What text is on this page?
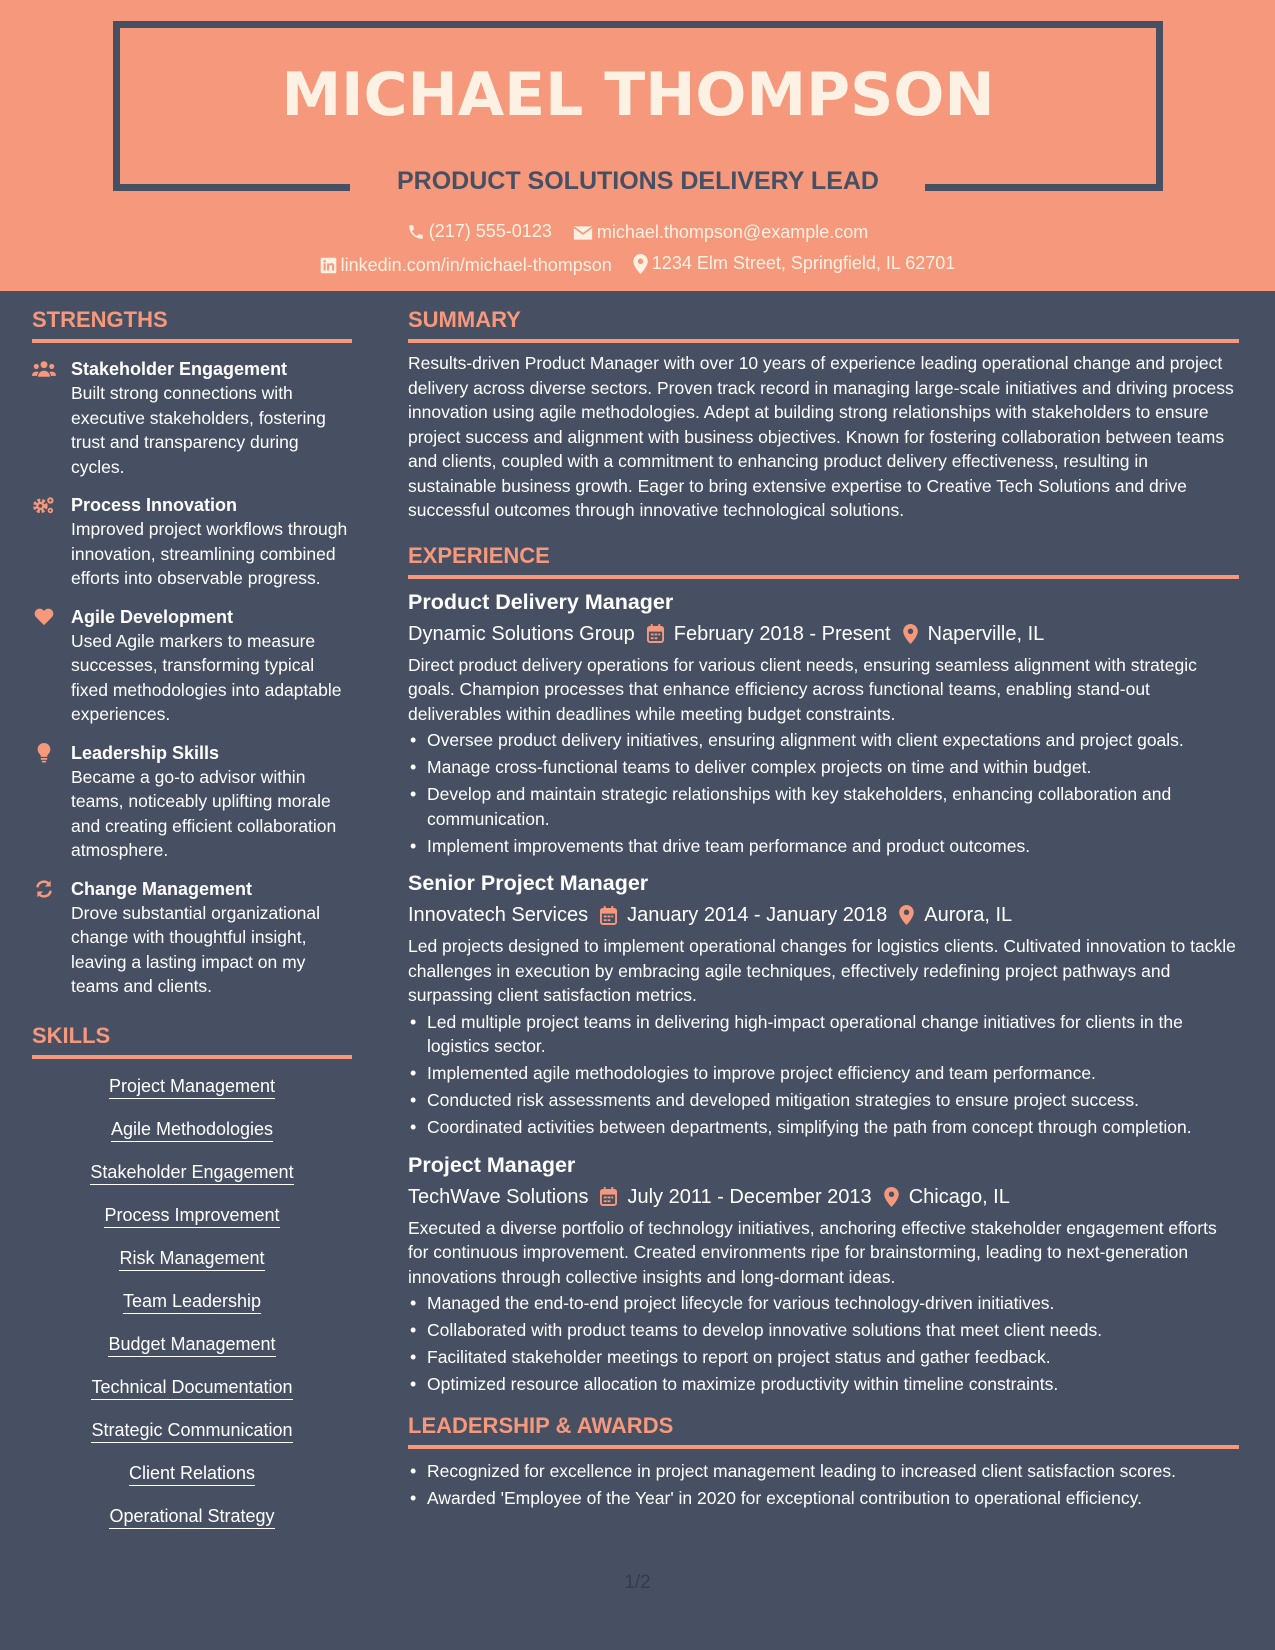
MICHAEL THOMPSON
PRODUCT SOLUTIONS DELIVERY LEAD
(217) 555-0123
	michael.thompson@example.com
linkedin.com/in/michael-thompson
1234 Elm Street, Springfield, IL 62701
STRENGTHS
Stakeholder Engagement
Built strong connections with executive stakeholders, fostering trust and transparency during cycles.
Process Innovation
Improved project workflows through innovation, streamlining combined efforts into observable progress.
Agile Development
Used Agile markers to measure successes, transforming typical fixed methodologies into adaptable experiences.
Leadership Skills
Became a go-to advisor within teams, noticeably uplifting morale and creating efficient collaboration atmosphere.
Change Management
Drove substantial organizational change with thoughtful insight, leaving a lasting impact on my teams and clients.
SKILLS
Project Management
Agile Methodologies
Stakeholder Engagement
Process Improvement
Risk Management
Team Leadership
Budget Management
Technical Documentation
Strategic Communication
Client Relations
Operational Strategy
SUMMARY
Results-driven Product Manager with over 10 years of experience leading operational change and project delivery across diverse sectors. Proven track record in managing large-scale initiatives and driving process innovation using agile methodologies. Adept at building strong relationships with stakeholders to ensure project success and alignment with business objectives. Known for fostering collaboration between teams and clients, coupled with a commitment to enhancing product delivery effectiveness, resulting in sustainable business growth. Eager to bring extensive expertise to Creative Tech Solutions and drive successful outcomes through innovative technological solutions.
EXPERIENCE
Product Delivery Manager
Dynamic Solutions Group February 2018 - Present Naperville, IL
Direct product delivery operations for various client needs, ensuring seamless alignment with strategic goals. Champion processes that enhance efficiency across functional teams, enabling stand-out deliverables within deadlines while meeting budget constraints.
• Oversee product delivery initiatives, ensuring alignment with client expectations and project goals.
• Manage cross-functional teams to deliver complex projects on time and within budget.
• Develop and maintain strategic relationships with key stakeholders, enhancing collaboration and communication.
• Implement improvements that drive team performance and product outcomes.
Senior Project Manager
Innovatech Services January 2014 - January 2018 Aurora, IL
Led projects designed to implement operational changes for logistics clients. Cultivated innovation to tackle challenges in execution by embracing agile techniques, effectively redefining project pathways and surpassing client satisfaction metrics.
• Led multiple project teams in delivering high-impact operational change initiatives for clients in the logistics sector.
• Implemented agile methodologies to improve project efficiency and team performance.
• Conducted risk assessments and developed mitigation strategies to ensure project success.
• Coordinated activities between departments, simplifying the path from concept through completion.
Project Manager
TechWave Solutions July 2011 - December 2013 Chicago, IL
Executed a diverse portfolio of technology initiatives, anchoring effective stakeholder engagement efforts for continuous improvement. Created environments ripe for brainstorming, leading to next-generation innovations through collective insights and long-dormant ideas.
• Managed the end-to-end project lifecycle for various technology-driven initiatives.
• Collaborated with product teams to develop innovative solutions that meet client needs.
• Facilitated stakeholder meetings to report on project status and gather feedback.
• Optimized resource allocation to maximize productivity within timeline constraints.
LEADERSHIP & AWARDS
• Recognized for excellence in project management leading to increased client satisfaction scores.
• Awarded 'Employee of the Year' in 2020 for exceptional contribution to operational efficiency.
1/2
